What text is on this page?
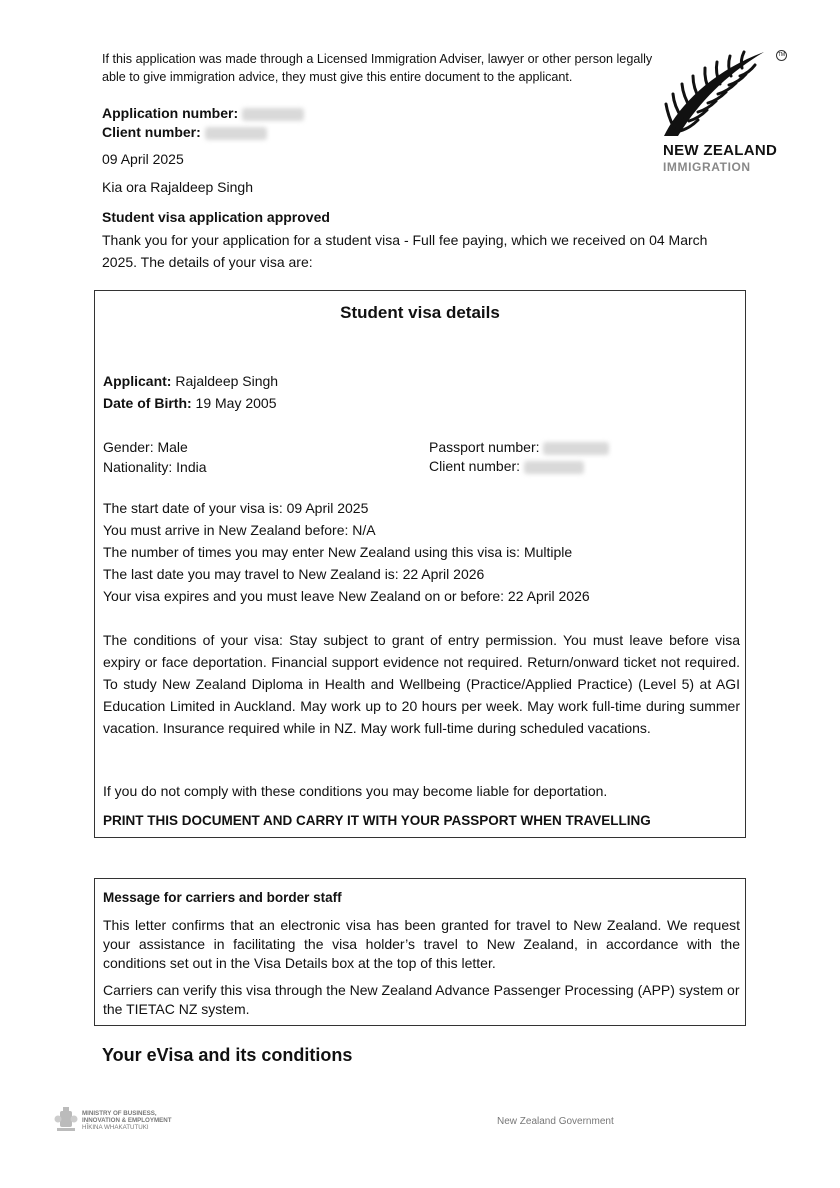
If this application was made through a Licensed Immigration Adviser, lawyer or other person legally able to give immigration advice, they must give this entire document to the applicant.
Application number:
Client number:
09 April 2025
Kia ora Rajaldeep Singh
Student visa application approved
Thank you for your application for a student visa - Full fee paying, which we received on 04 March 2025. The details of your visa are:
TM
NEW ZEALAND
IMMIGRATION
Student visa details
Applicant: Rajaldeep Singh
Date of Birth: 19 May 2005
Gender: Male
Nationality: India
Passport number:
Client number:
The start date of your visa is: 09 April 2025
You must arrive in New Zealand before: N/A
The number of times you may enter New Zealand using this visa is: Multiple
The last date you may travel to New Zealand is: 22 April 2026
Your visa expires and you must leave New Zealand on or before: 22 April 2026
The conditions of your visa: Stay subject to grant of entry permission. You must leave before visa expiry or face deportation. Financial support evidence not required. Return/onward ticket not required. To study New Zealand Diploma in Health and Wellbeing (Practice/Applied Practice) (Level 5) at AGI Education Limited in Auckland. May work up to 20 hours per week. May work full-time during summer vacation. Insurance required while in NZ. May work full-time during scheduled vacations.
If you do not comply with these conditions you may become liable for deportation.
PRINT THIS DOCUMENT AND CARRY IT WITH YOUR PASSPORT WHEN TRAVELLING
Message for carriers and border staff
This letter confirms that an electronic visa has been granted for travel to New Zealand. We request your assistance in facilitating the visa holder’s travel to New Zealand, in accordance with the conditions set out in the Visa Details box at the top of this letter.
Carriers can verify this visa through the New Zealand Advance Passenger Processing (APP) system or the TIETAC NZ system.
Your eVisa and its conditions
MINISTRY OF BUSINESS,
INNOVATION & EMPLOYMENT
HĪKINA WHAKATUTUKI
New Zealand Government
